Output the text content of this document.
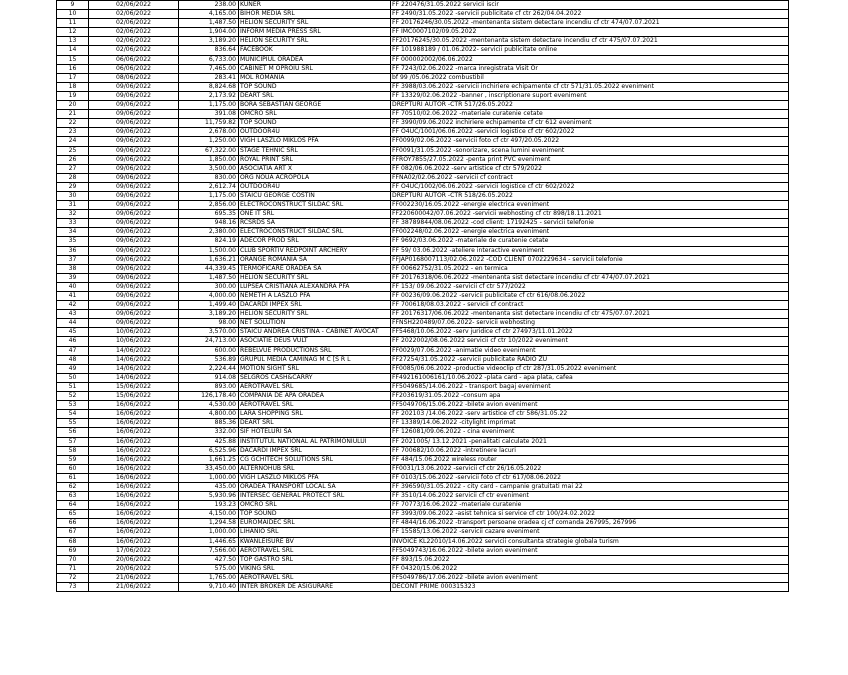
9	02/06/2022	238.00	KUNER	FF 220476/31.05.2022 servicii iscir
10	02/06/2022	4,165.00	BIHOR MEDIA SRL	FF 2490/31.05.2022 -servicii publicitate cf ctr 262/04.04.2022
11	02/06/2022	1,487.50	HELION SECURITY SRL	FF 20176246/30.05.2022 -mentenanta sistem detectare incendiu cf ctr 474/07.07.2021
12	02/06/2022	1,904.00	INFORM MEDIA PRESS SRL	FF IMC0007102/09.05.2022
13	02/06/2022	3,189.20	HELION SECURITY SRL	FF20176245/30.05.2022 -mentenanta sistem detectare incendiu cf ctr 475/07.07.2021
14	02/06/2022	836.64	FACEBOOK	FF 101988189 / 01.06.2022- servicii publicitate online
15	06/06/2022	6,733.00	MUNICIPIUL ORADEA	FF 000002002/06.06.2022
16	06/06/2022	7,465.00	CABINET M OPROIU SRL	FF 7243/02.06.2022 -marca inregistrata Visit Or
17	08/06/2022	283.41	MOL ROMANIA	bf 99 /05.06.2022 combustibil
18	09/06/2022	8,824.68	TOP SOUND	FF 3988/03.06.2022 -servicii inchiriere echipamente cf ctr 571/31.05.2022 eveniment
19	09/06/2022	2,173.92	DEART SRL	FF 13329/02.06.2022 -banner , inscriptionare suport eveniment
20	09/06/2022	1,175.00	BORA SEBASTIAN GEORGE	DREPTURI AUTOR -CTR 517/26.05.2022
21	09/06/2022	391.08	OMCRO SRL	FF 70510/02.06.2022 -materiale curatenie cetate
22	09/06/2022	11,759.82	TOP SOUND	FF 3990/09.06.2022 inchiriere echipamente cf ctr 612 eveniment
23	09/06/2022	2,678.00	OUTDOOR4U	FF O4UC/1001/06.06.2022 -servicii logistice cf ctr 602/2022
24	09/06/2022	1,250.00	VIGH LASZLO MIKLOS PFA	FF0099/02.06.2022 -servicii foto cf ctr 497/20.05.2022
25	09/06/2022	67,322.00	STAGE TEHNIC SRL	FF0091/31.05.2022 -sonorizare, scena lumini eveniment
26	09/06/2022	1,850.00	ROYAL PRINT SRL	FFROY7855/27.05.2022 -penta print PVC eveniment
27	09/06/2022	3,500.00	ASOCIATIA ART X	FF 082/06.06.2022 -serv artistice cf ctr 579/2022
28	09/06/2022	830.00	ORG NOUA ACROPOLA	FFNA02/02.06.2022 -servicii cf contract
29	09/06/2022	2,612.74	OUTDOOR4U	FF O4UC/1002/06.06.2022 -servicii logistice cf ctr 602/2022
30	09/06/2022	1,175.00	STAICU GEORGE COSTIN	DREPTURI AUTOR -CTR 518/26.05.2022
31	09/06/2022	2,856.00	ELECTROCONSTRUCT SILDAC SRL	FF002230/16.05.2022 -energie electrica eveniment
32	09/06/2022	695.35	ONE IT SRL	FF220600042/07.06.2022 -servicii webhosting cf ctr 898/18.11.2021
33	09/06/2022	948.16	RCSRDS SA	FF 38789844/08.06.2022 -cod client: 17192425 - servicii telefonie
34	09/06/2022	2,380.00	ELECTROCONSTRUCT SILDAC SRL	FF002248/02.06.2022 -energie electrica eveniment
35	09/06/2022	824.19	ADECOR PROD SRL	FF 9692/03.06.2022 -materiale de curatenie cetate
36	09/06/2022	1,500.00	CLUB SPORTIV REDPOINT ARCHERY	FF 59/ 03.06.2022 -ateliere interactive eveniment
37	09/06/2022	1,636.21	ORANGE ROMANIA SA	FFJAP0168007113/02.06.2022 -COD CLIENT 0702229634 - servicii telefonie
38	09/06/2022	44,339.45	TERMOFICARE ORADEA SA	FF 00662752/31.05.2022 - en termica
39	09/06/2022	1,487.50	HELION SECURITY SRL	FF 20176318/06.06.2022 -mentenanta sist detectare incendiu cf ctr 474/07.07.2021
40	09/06/2022	300.00	LUPSEA CRISTIANA ALEXANDRA PFA	FF 153/ 09.06.2022 -servicii cf ctr 577/2022
41	09/06/2022	4,000.00	NEMETH A LASZLO PFA	FF 00236/09.06.2022 -servicii publicitate cf ctr 616/08.06.2022
42	09/06/2022	1,499.40	DACARDI IMPEX SRL	FF 700618/08.03.2022 - servicii cf contract
43	09/06/2022	3,189.20	HELION SECURITY SRL	FF 20176317/06.06.2022 -mentenanta sist detectare incendiu cf ctr 475/07.07.2021
44	09/06/2022	98.00	NET SOLUTION	FFNSH220489/07.06.2022- servicii webhosting
45	10/06/2022	3,570.00	STAICU ANDREA CRISTINA - CABINET AVOCAT	FF5468/10.06.2022 -serv juridice cf ctr 274973/11.01.2022
46	10/06/2022	24,713.00	ASOCIATIE DEUS VULT	FF 2022002/08.06.2022 servicii cf ctr 10/2022 eveniment
47	14/06/2022	600.00	REBELVUE PRODUCTIONS SRL	FF0029/07.06.2022 -animatie video eveniment
48	14/06/2022	536.89	GRUPUL MEDIA CAMINAG M C [S R L	FF27254/31.05.2022 -servicii publicitate RADIO ZU
49	14/06/2022	2,224.44	MOTION SIGHT SRL	FF0085/06.06.2022 -productie videoclip cf ctr 287/31.05.2022 eveniment
50	14/06/2022	914.08	SELGROS CASH&CARRY	FF492161006161/10.06.2022 -plata card - apa plata, cafea
51	15/06/2022	893.00	AEROTRAVEL SRL	FF5049685/14.06.2022 - transport bagaj eveniment
52	15/06/2022	126,178.40	COMPANIA DE APA ORADEA	FF203619/31.05.2022 -consum apa
53	16/06/2022	4,530.00	AEROTRAVEL SRL	FF5049706/15.06.2022 -bilete avion eveniment
54	16/06/2022	4,800.00	LARA SHOPPING SRL	FF 202103 /14.06.2022 -serv artistice cf ctr 586/31.05.22
55	16/06/2022	885.36	DEART SRL	FF 13389/14.06.2022 -citylight imprimat
56	16/06/2022	332.00	SIF HOTELURI SA	FF 126081/09.06.2022 - cina eveniment
57	16/06/2022	425.88	INSTITUTUL NATIONAL AL PATRIMONIULUI	FF 2021005/ 13.12.2021 -penalitati calculate 2021
58	16/06/2022	6,525.96	DACARDI IMPEX SRL	FF 700682/10.06.2022 -intretinere lacuri
59	16/06/2022	1,661.25	CG GCHITECH SOLUTIONS SRL	FF 484/15.06.2022 wireless router
60	16/06/2022	33,450.00	ALTERNOHUB SRL	FF0031/13.06.2022 -servicii cf ctr 26/16.05.2022
61	16/06/2022	1,000.00	VIGH LASZLO MIKLOS PFA	FF 0103/15.06.2022 -servicii foto cf ctr 617/08.06.2022
62	16/06/2022	435.00	ORADEA TRANSPORT LOCAL SA	FF 396590/31.05.2022 - city card - campanie gratuitati mai 22
63	16/06/2022	5,930.96	INTERSEC GENERAL PROTECT SRL	FF 3510/14.06.2022 servicii cf ctr eveniment
64	16/06/2022	193.23	OMCRO SRL	FF 70773/16.06.2022 -materiale curatenie
65	16/06/2022	4,150.00	TOP SOUND	FF 3993/09.06.2022 -asist tehnica si service cf ctr 100/24.02.2022
66	16/06/2022	1,294.58	EUROMAIDEC SRL	FF 4844/16.06.2022 -transport persoane oradea cj cf comanda 267995, 267996
67	16/06/2022	1,000.00	LIHANIO SRL	FF 15585/13.06.2022 -servicii cazare eveniment
68	16/06/2022	1,446.65	KWANLEISURE BV	INVOICE KL22010/14.06.2022 servicii consultanta strategie globala turism
69	17/06/2022	7,566.00	AEROTRAVEL SRL	FF5049743/16.06.2022 -bilete avion eveniment
70	20/06/2022	427.50	TOP GASTRO SRL	FF 893/15.06.2022
71	20/06/2022	575.00	VIKING SRL	FF 04320/15.06.2022
72	21/06/2022	1,765.00	AEROTRAVEL SRL	FF5049786/17.06.2022 -bilete avion eveniment
73	21/06/2022	9,710.40	INTER BROKER DE ASIGURARE	DECONT PRIME 000315323
